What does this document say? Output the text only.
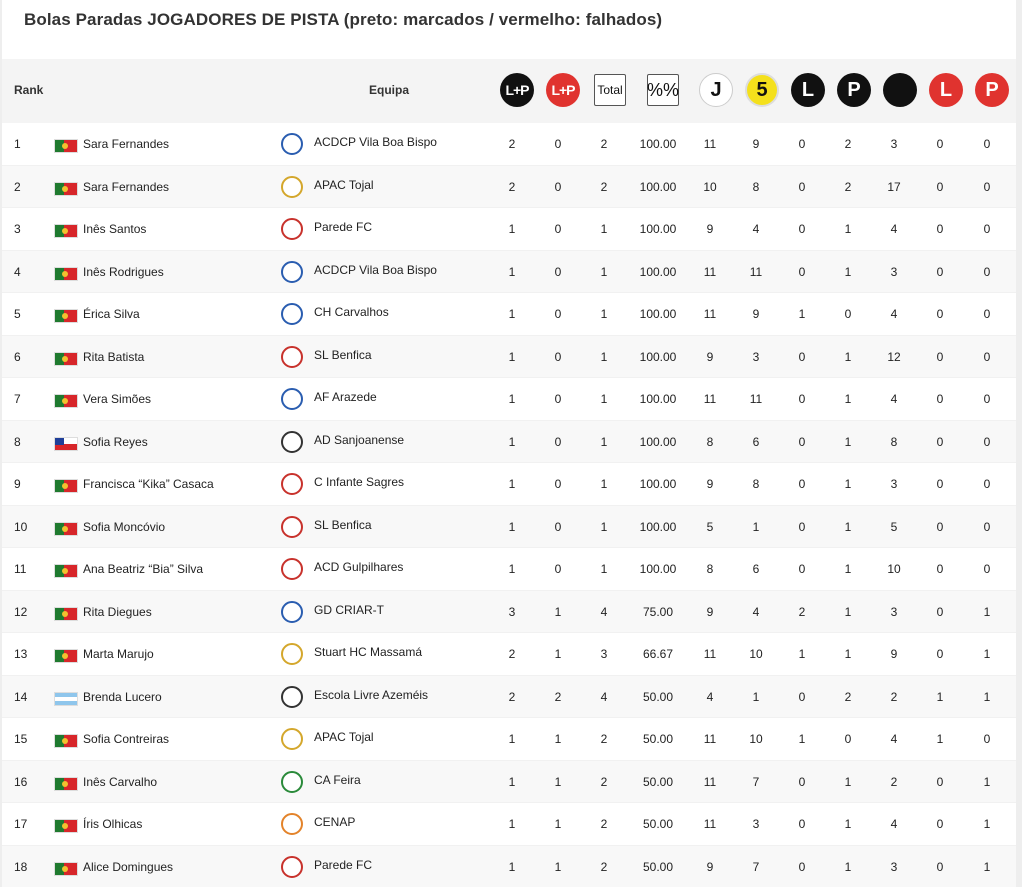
Bolas Paradas JOGADORES DE PISTA (preto: marcados / vermelho: falhados)
Rank	Equipa	L+P	L+P	Total %%	J	5	L	P	L	P
1	Sara Fernandes	ACDCP Vila Boa Bispo	2	0	2	100.00	11	9	0	2	3	0	0
2	Sara Fernandes	APAC Tojal	2	0	2	100.00	10	8	0	2	17	0	0
3	Inês Santos	Parede FC	1	0	1	100.00	9	4	0	1	4	0	0
4	Inês Rodrigues	ACDCP Vila Boa Bispo	1	0	1	100.00	11	11	0	1	3	0	0
5	Érica Silva	CH Carvalhos	1	0	1	100.00	11	9	1	0	4	0	0
6	Rita Batista	SL Benfica	1	0	1	100.00	9	3	0	1	12	0	0
7	Vera Simões	AF Arazede	1	0	1	100.00	11	11	0	1	4	0	0
8	Sofia Reyes	AD Sanjoanense	1	0	1	100.00	8	6	0	1	8	0	0
9	Francisca “Kika” Casaca	C Infante Sagres	1	0	1	100.00	9	8	0	1	3	0	0
10	Sofia Moncóvio	SL Benfica	1	0	1	100.00	5	1	0	1	5	0	0
11	Ana Beatriz “Bia” Silva	ACD Gulpilhares	1	0	1	100.00	8	6	0	1	10	0	0
12	Rita Diegues	GD CRIAR-T	3	1	4	75.00	9	4	2	1	3	0	1
13	Marta Marujo	Stuart HC Massamá	2	1	3	66.67	11	10	1	1	9	0	1
14	Brenda Lucero	Escola Livre Azeméis	2	2	4	50.00	4	1	0	2	2	1	1
15	Sofia Contreiras	APAC Tojal	1	1	2	50.00	11	10	1	0	4	1	0
16	Inês Carvalho	CA Feira	1	1	2	50.00	11	7	0	1	2	0	1
17	Íris Olhicas	CENAP	1	1	2	50.00	11	3	0	1	4	0	1
18	Alice Domingues	Parede FC	1	1	2	50.00	9	7	0	1	3	0	1
